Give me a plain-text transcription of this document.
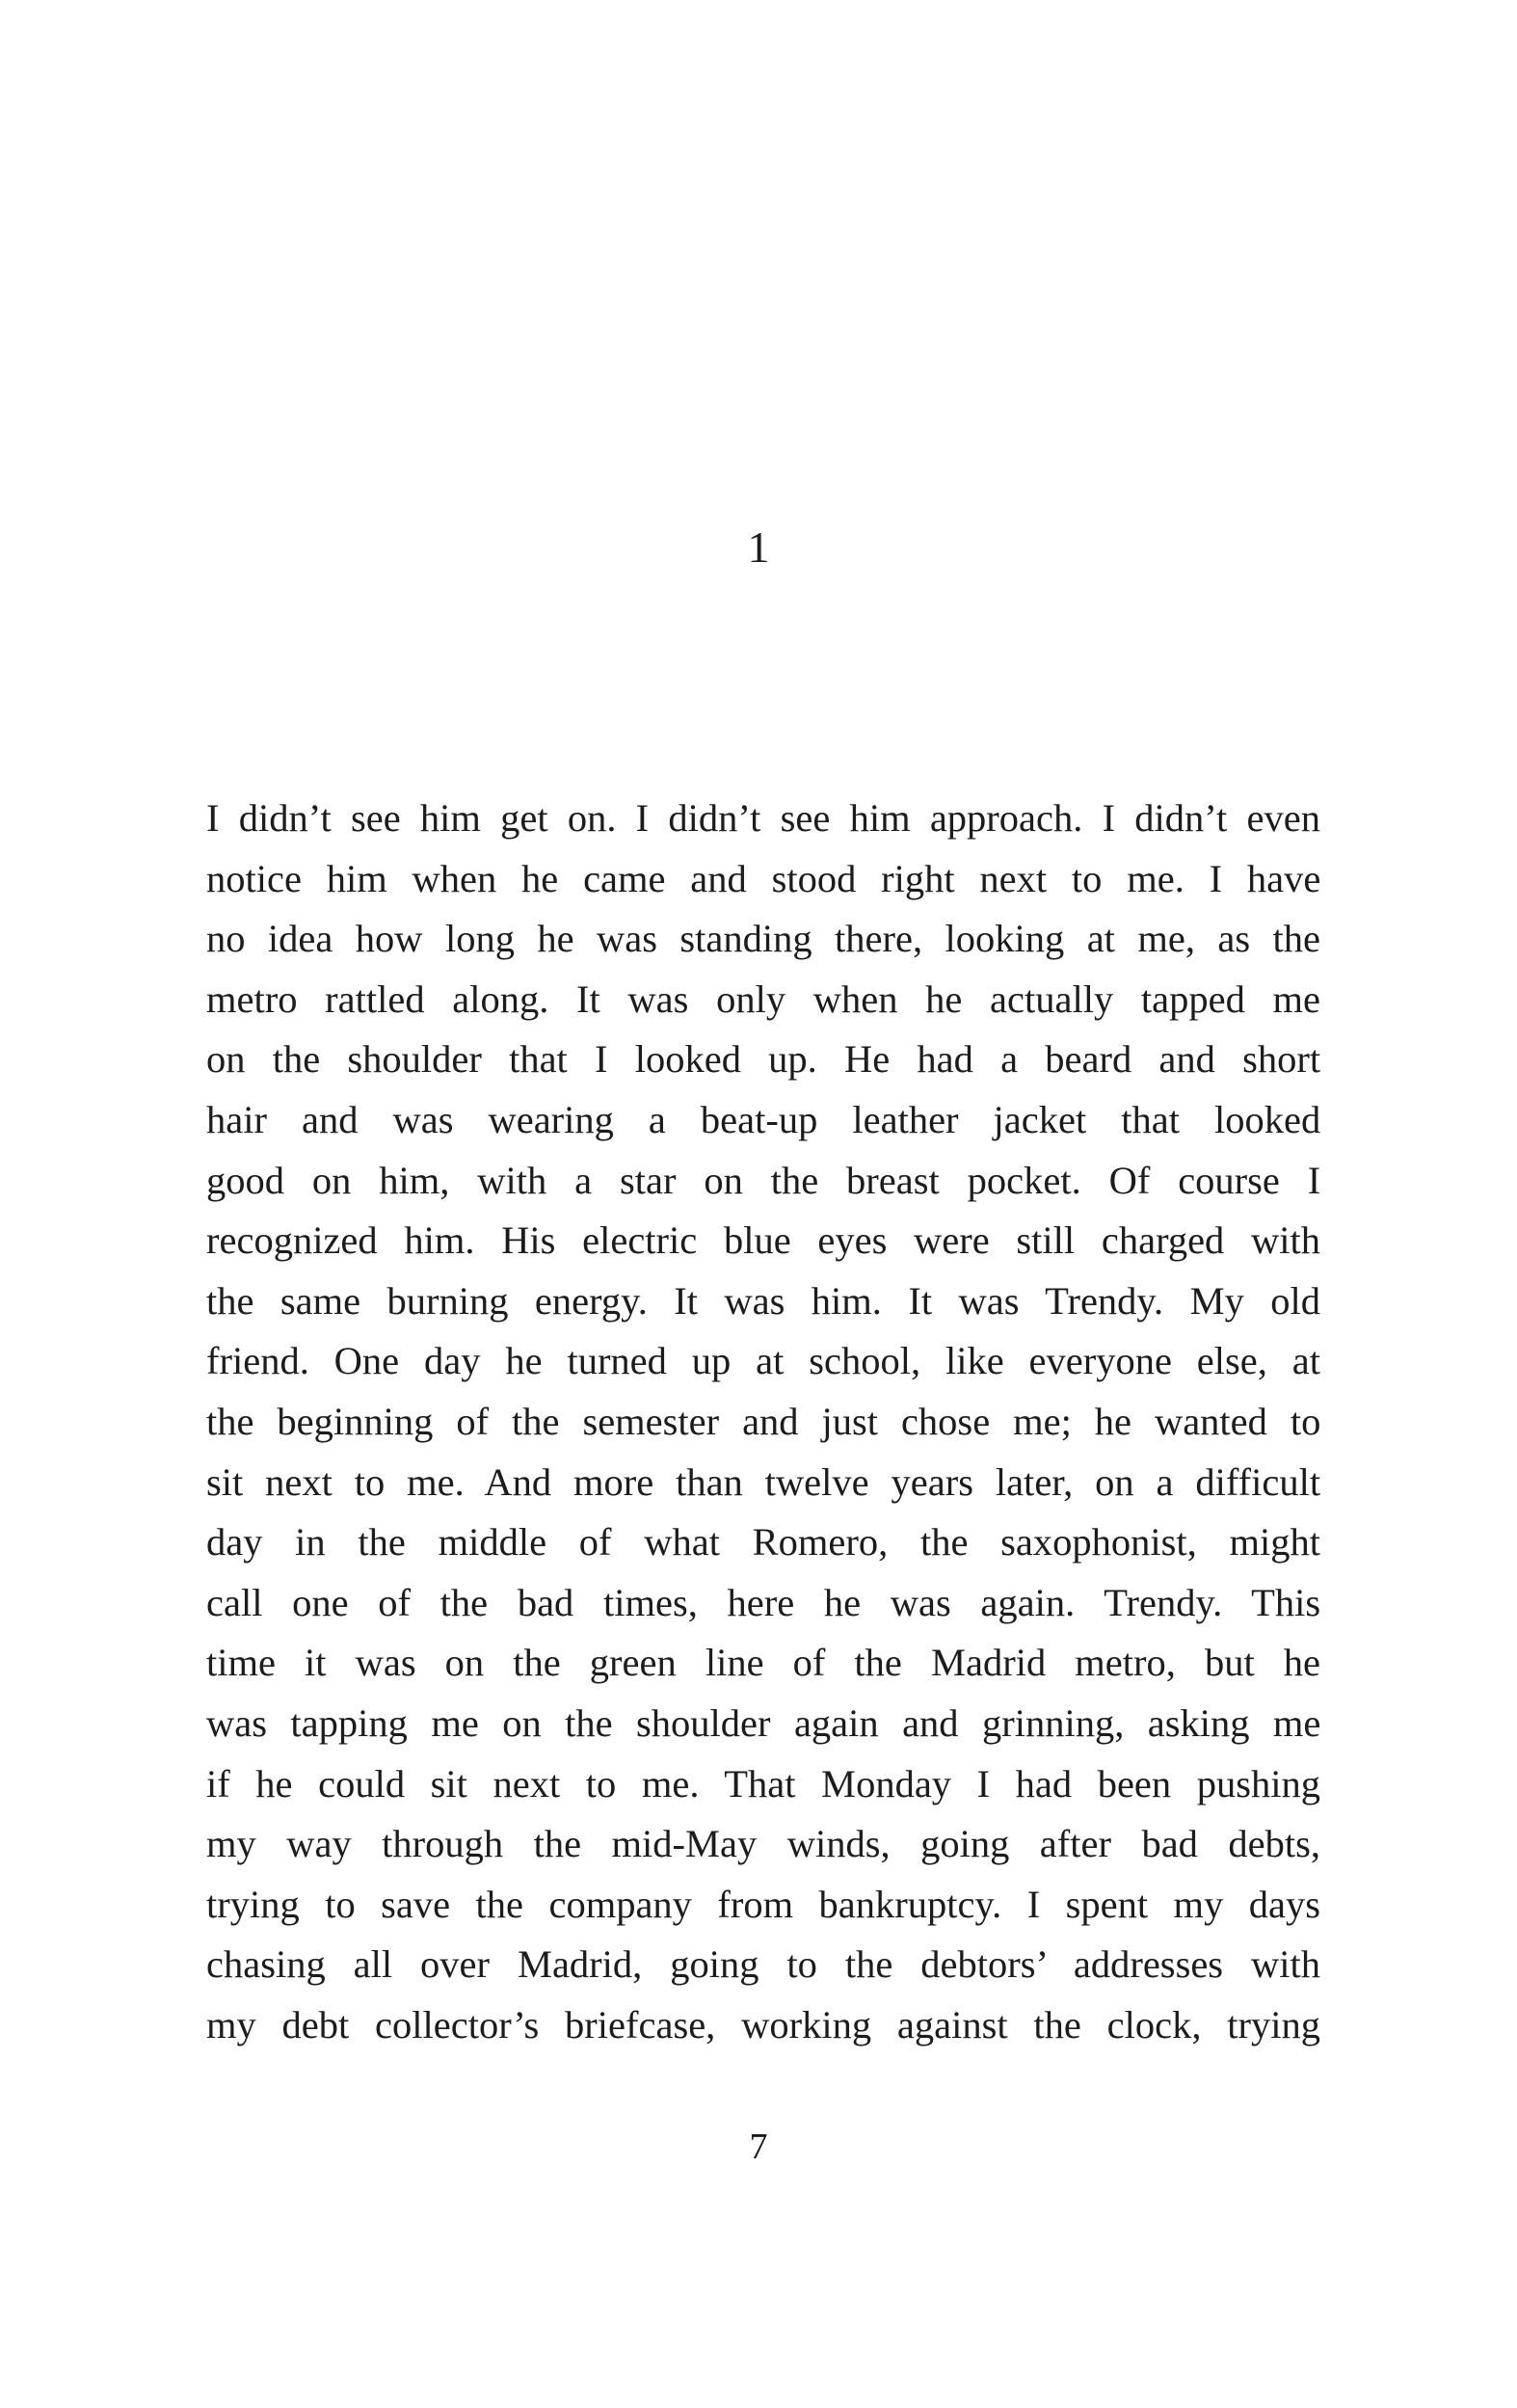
1
I didn’t see him get on. I didn’t see him approach. I didn’t even
notice him when he came and stood right next to me. I have
no idea how long he was standing there, looking at me, as the
metro rattled along. It was only when he actually tapped me
on the shoulder that I looked up. He had a beard and short
hair and was wearing a beat-up leather jacket that looked
good on him, with a star on the breast pocket. Of course I
recognized him. His electric blue eyes were still charged with
the same burning energy. It was him. It was Trendy. My old
friend. One day he turned up at school, like everyone else, at
the beginning of the semester and just chose me; he wanted to
sit next to me. And more than twelve years later, on a difficult
day in the middle of what Romero, the saxophonist, might
call one of the bad times, here he was again. Trendy. This
time it was on the green line of the Madrid metro, but he
was tapping me on the shoulder again and grinning, asking me
if he could sit next to me. That Monday I had been pushing
my way through the mid-May winds, going after bad debts,
trying to save the company from bankruptcy. I spent my days
chasing all over Madrid, going to the debtors’ addresses with
my debt collector’s briefcase, working against the clock, trying
7
